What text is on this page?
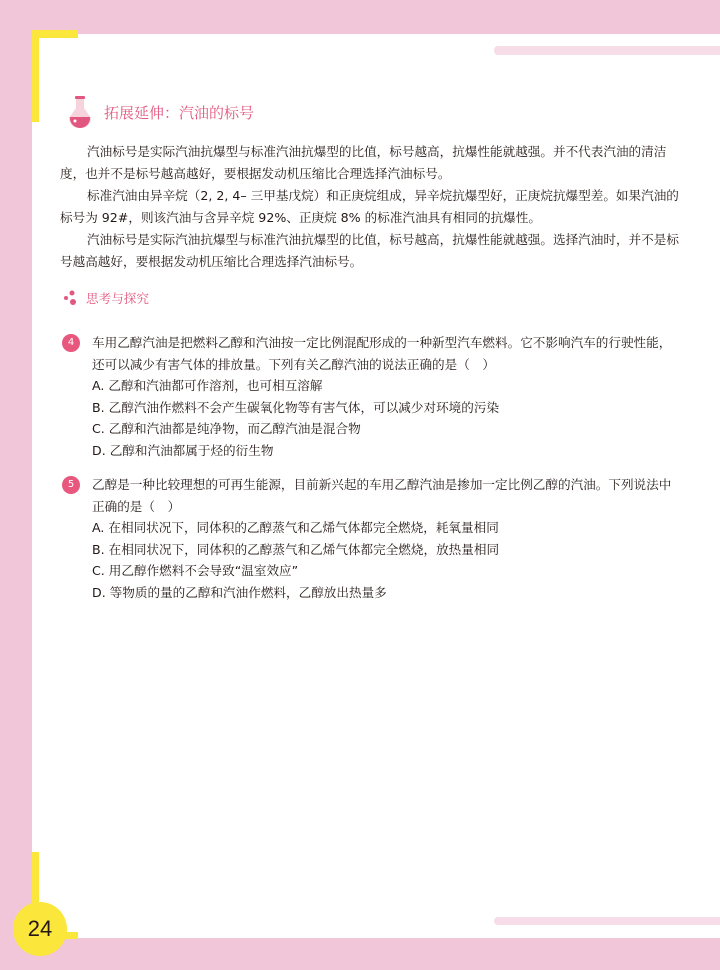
24
拓展延伸：汽油的标号

汽油标号是实际汽油抗爆型与标准汽油抗爆型的比值，标号越高，抗爆性能就越强。并不代表汽油的清洁度，也并不是标号越高越好，要根据发动机压缩比合理选择汽油标号。

标准汽油由异辛烷（2, 2, 4– 三甲基戊烷）和正庚烷组成，异辛烷抗爆型好，正庚烷抗爆型差。如果汽油的标号为 92#，则该汽油与含异辛烷 92%、正庚烷 8% 的标准汽油具有相同的抗爆性。

汽油标号是实际汽油抗爆型与标准汽油抗爆型的比值，标号越高，抗爆性能就越强。选择汽油时，并不是标号越高越好，要根据发动机压缩比合理选择汽油标号。

思考与探究
4	车用乙醇汽油是把燃料乙醇和汽油按一定比例混配形成的一种新型汽车燃料。它不影响汽车的行驶性能，还可以减少有害气体的排放量。下列有关乙醇汽油的说法正确的是（　）

A. 乙醇和汽油都可作溶剂，也可相互溶解

B. 乙醇汽油作燃料不会产生碳氧化物等有害气体，可以减少对环境的污染

C. 乙醇和汽油都是纯净物，而乙醇汽油是混合物

D. 乙醇和汽油都属于烃的衍生物

5	乙醇是一种比较理想的可再生能源，目前新兴起的车用乙醇汽油是掺加一定比例乙醇的汽油。下列说法中正确的是（　）

A. 在相同状况下，同体积的乙醇蒸气和乙烯气体都完全燃烧，耗氧量相同

B. 在相同状况下，同体积的乙醇蒸气和乙烯气体都完全燃烧，放热量相同

C. 用乙醇作燃料不会导致“温室效应”

D. 等物质的量的乙醇和汽油作燃料，乙醇放出热量多
